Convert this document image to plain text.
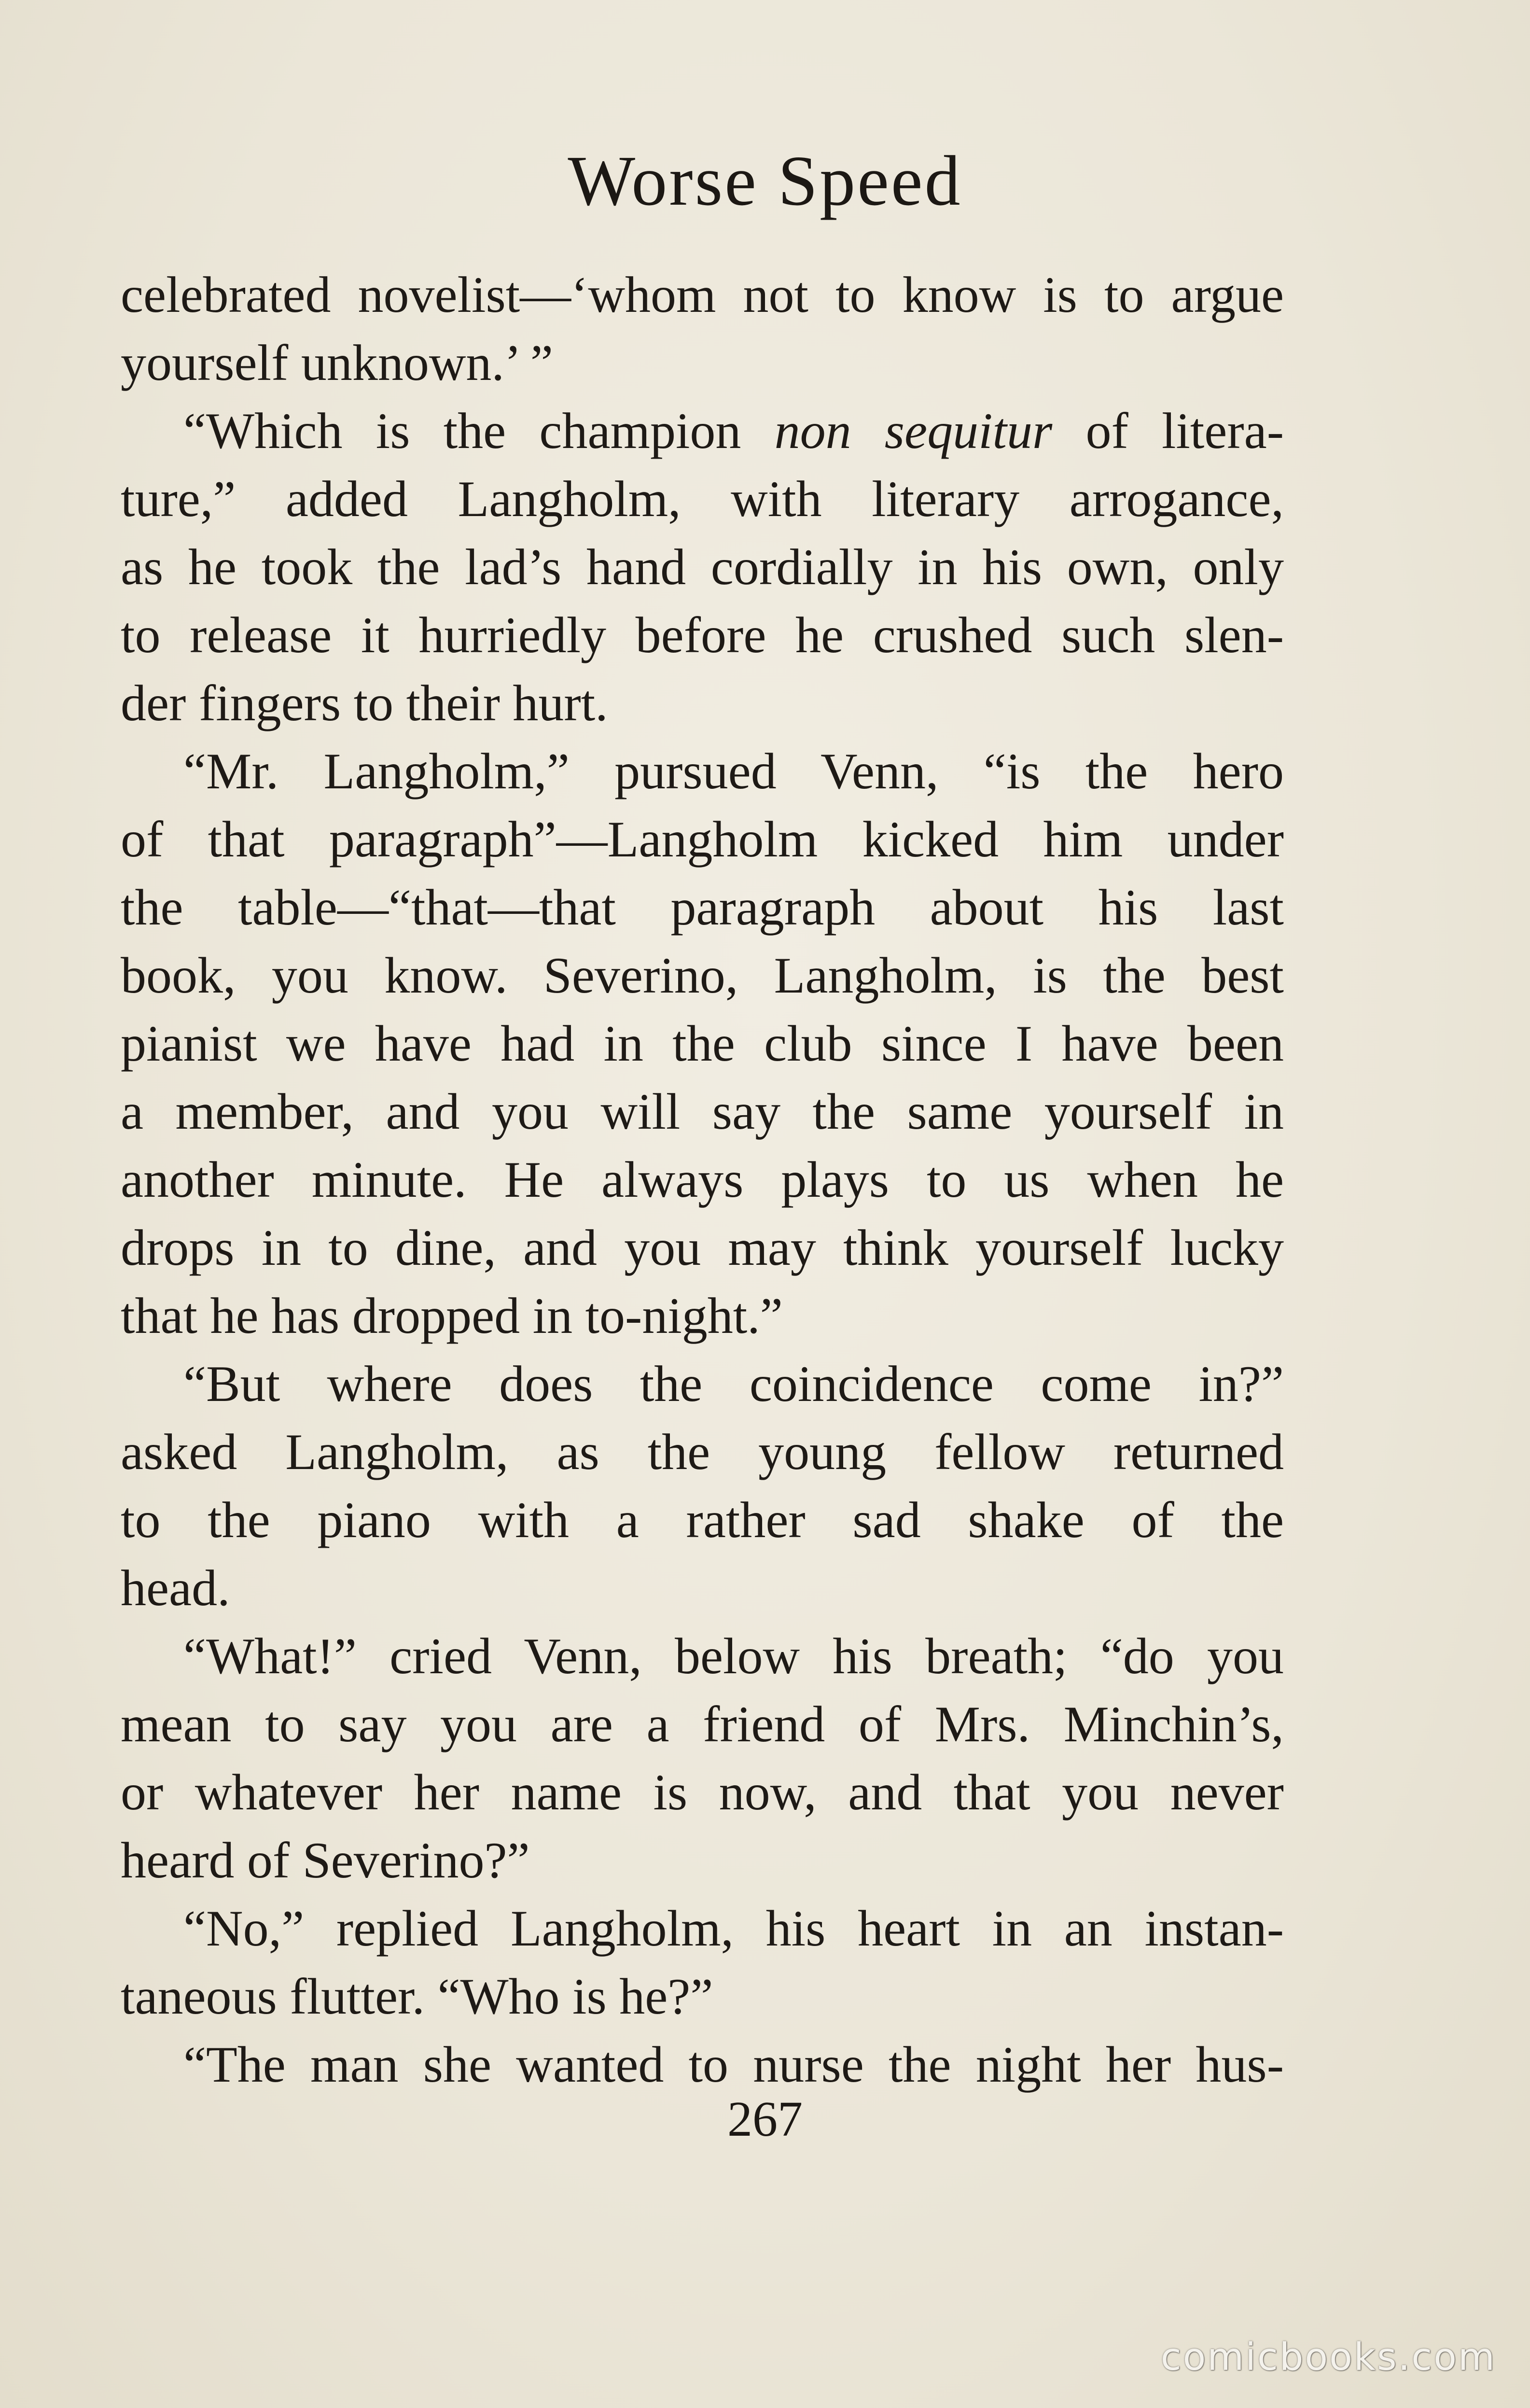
Worse Speed
celebrated novelist—‘whom not to know is to argue
yourself unknown.’ ”
“Which is the champion non sequitur of litera-
ture,” added Langholm, with literary arrogance,
as he took the lad’s hand cordially in his own, only
to release it hurriedly before he crushed such slen-
der fingers to their hurt.
“Mr. Langholm,” pursued Venn, “is the hero
of that paragraph”—Langholm kicked him under
the table—“that—that paragraph about his last
book, you know. Severino, Langholm, is the best
pianist we have had in the club since I have been
a member, and you will say the same yourself in
another minute. He always plays to us when he
drops in to dine, and you may think yourself lucky
that he has dropped in to-night.”
“But where does the coincidence come in?”
asked Langholm, as the young fellow returned
to the piano with a rather sad shake of the
head.
“What!” cried Venn, below his breath; “do you
mean to say you are a friend of Mrs. Minchin’s,
or whatever her name is now, and that you never
heard of Severino?”
“No,” replied Langholm, his heart in an instan-
taneous flutter. “Who is he?”
“The man she wanted to nurse the night her hus-
267
comicbooks.com
